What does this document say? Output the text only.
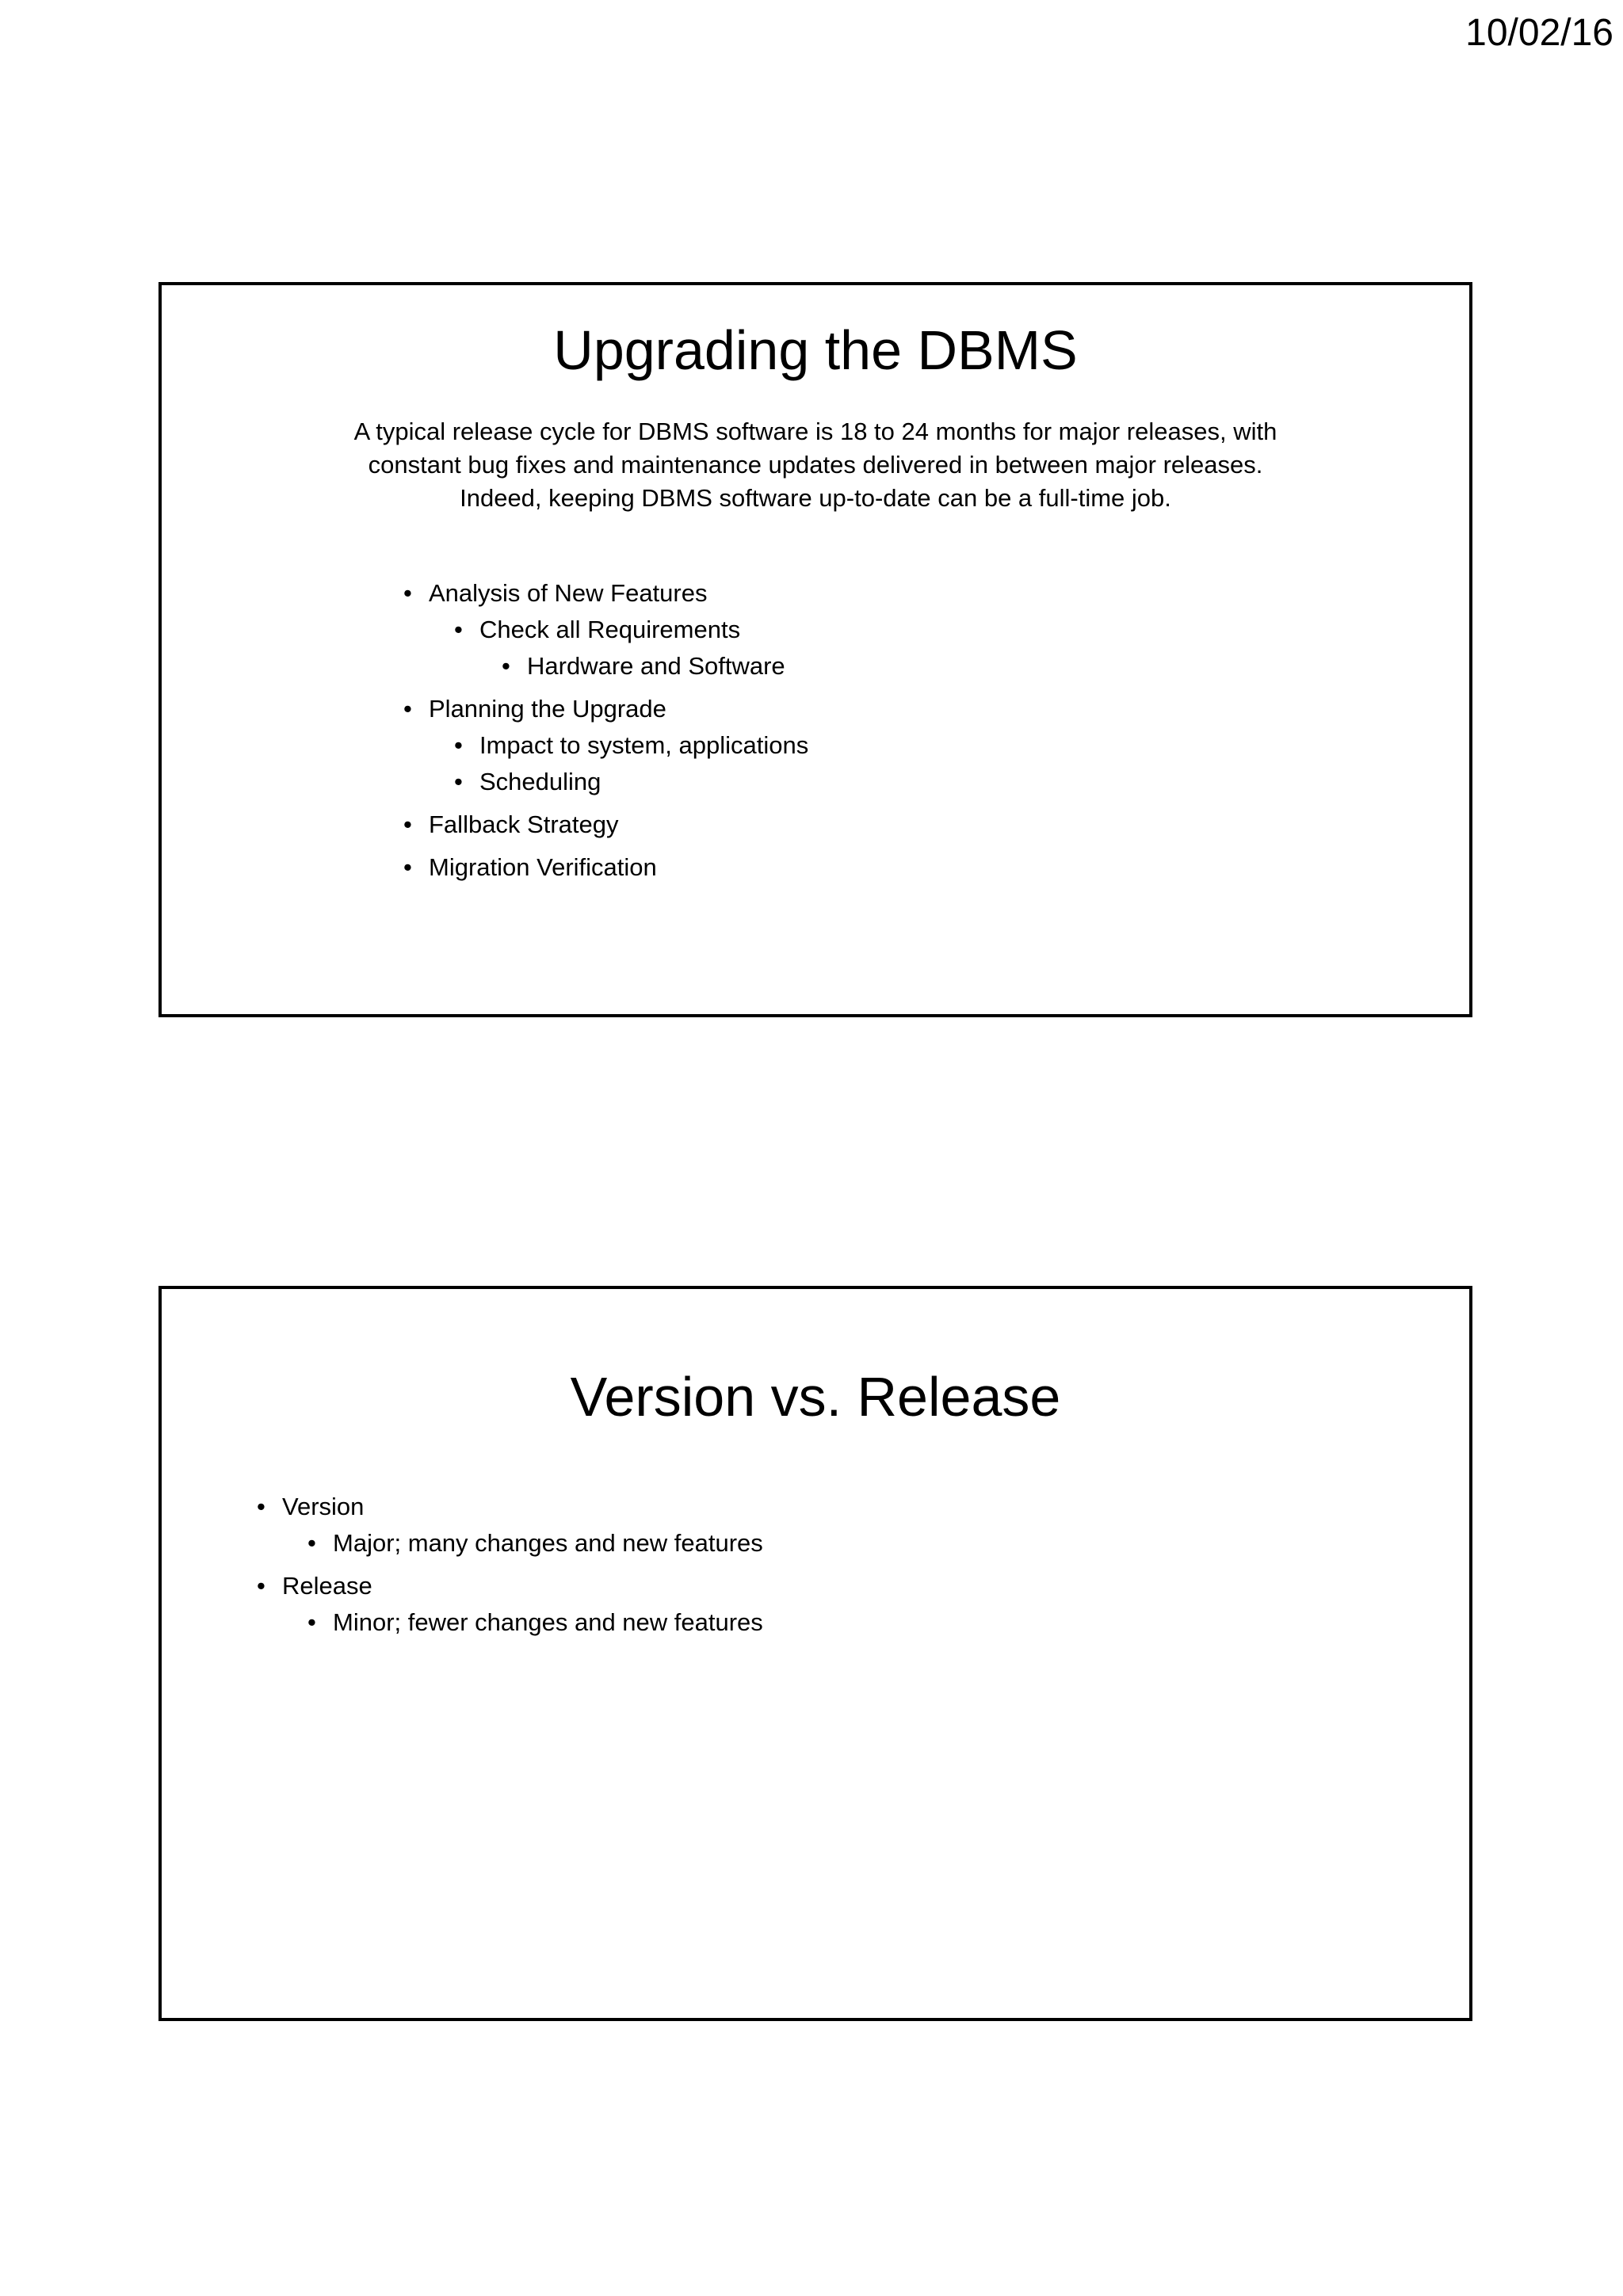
10/02/16
Upgrading the DBMS

A typical release cycle for DBMS software is 18 to 24 months for major releases, with
constant bug fixes and maintenance updates delivered in between major releases.
Indeed, keeping DBMS software up-to-date can be a full-time job.

• Analysis of New Features
• Check all Requirements
• Hardware and Software
• Planning the Upgrade
• Impact to system, applications
• Scheduling
• Fallback Strategy
• Migration Verification
Version vs. Release
• Version
• Major; many changes and new features
• Release
• Minor; fewer changes and new features
